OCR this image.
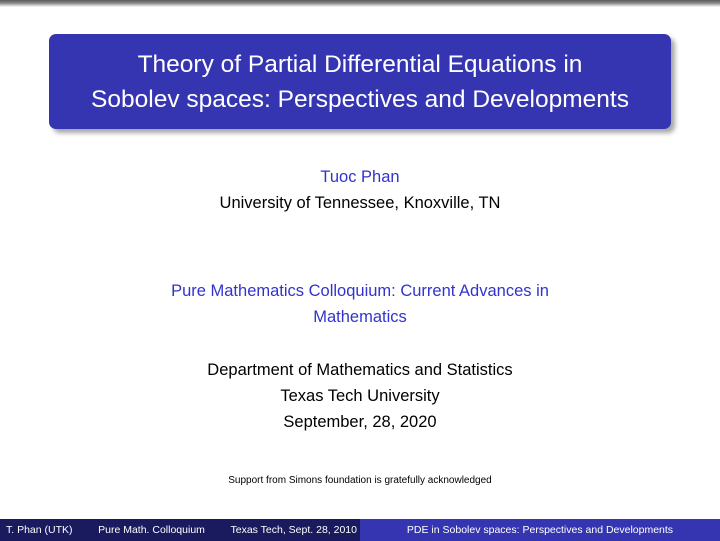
Theory of Partial Differential Equations in
Sobolev spaces: Perspectives and Developments
Tuoc Phan
University of Tennessee, Knoxville, TN
Pure Mathematics Colloquium: Current Advances in
Mathematics
Department of Mathematics and Statistics
Texas Tech University
September, 28, 2020
Support from Simons foundation is gratefully acknowledged
T. Phan (UTK) Pure Math. Colloquium Texas Tech, Sept. 28, 2010	PDE in Sobolev spaces: Perspectives and Developments
